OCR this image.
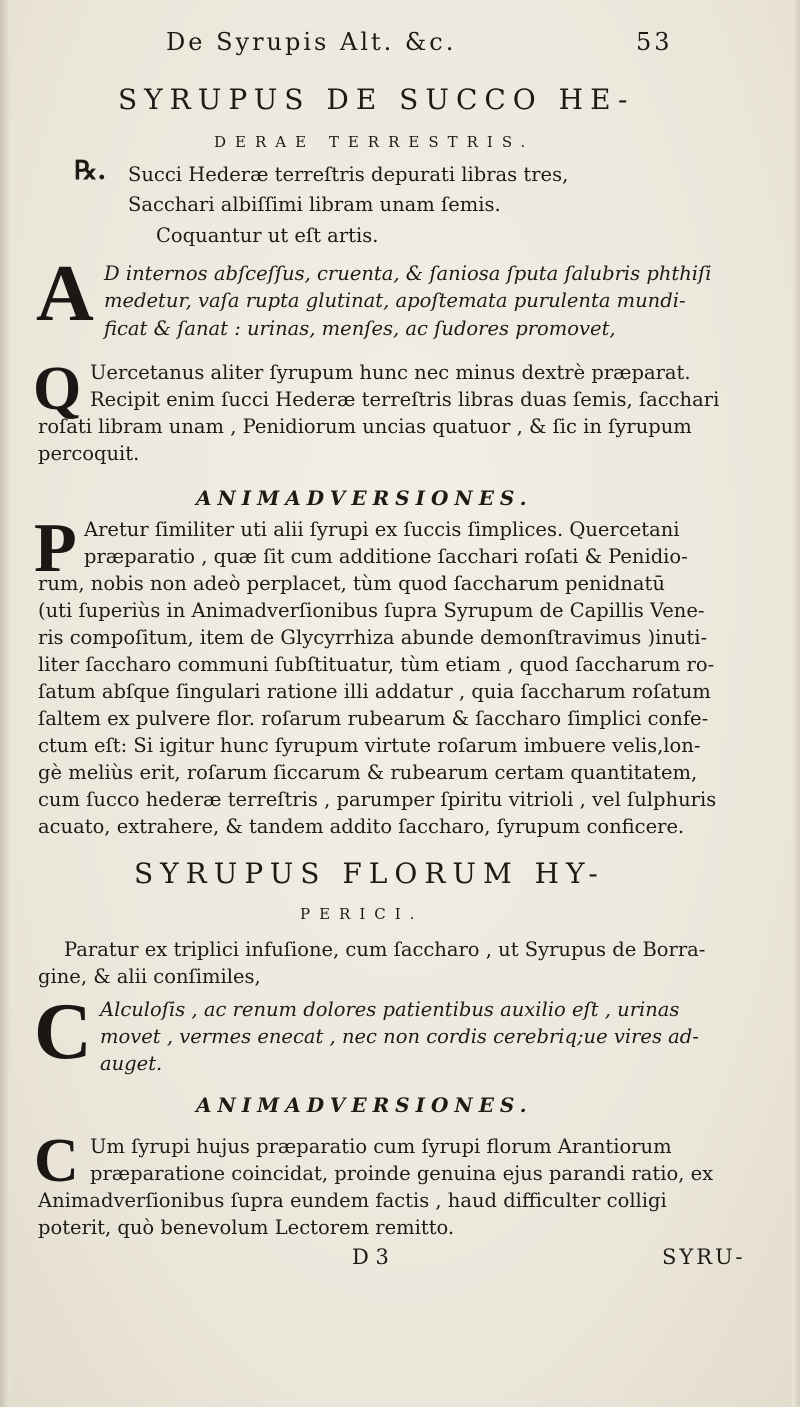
De Syrupis Alt. &c.	53
SYRUPUS DE SUCCO HE-
DERAE TERRESTRIS.
℞. Succi Hederæ terreſtris depurati libras tres,
Sacchari albiſſimi libram unam ſemis.
Coquantur ut eſt artis.
A D internos abſceſſus, cruenta, & ſaniosa ſputa ſalubris phthiſi
medetur, vaſa rupta glutinat, apoſtemata purulenta mundi-
ficat & ſanat : urinas, menſes, ac ſudores promovet,
Q Uercetanus aliter ſyrupum hunc nec minus dextrè præparat.
Recipit enim ſucci Hederæ terreſtris libras duas ſemis, ſacchari
roſati libram unam , Penidiorum uncias quatuor , & ſic in ſyrupum
percoquit.
ANIMADVERSIONES.
P Aretur ſimiliter uti alii ſyrupi ex ſuccis ſimplices. Quercetani
præparatio , quæ ſit cum additione ſacchari roſati & Penidio-
rum, nobis non adeò perplacet, tùm quod ſaccharum penidnatū
(uti ſuperiùs in Animadverſionibus ſupra Syrupum de Capillis Vene-
ris compoſitum, item de Glycyrrhiza abunde demonſtravimus )inuti-
liter ſaccharo communi ſubſtituatur, tùm etiam , quod ſaccharum ro-
ſatum abſque ſingulari ratione illi addatur , quia ſaccharum roſatum
ſaltem ex pulvere flor. roſarum rubearum & ſaccharo ſimplici confe-
ctum eſt: Si igitur hunc ſyrupum virtute roſarum imbuere velis,lon-
gè meliùs erit, roſarum ſiccarum & rubearum certam quantitatem,
cum ſucco hederæ terreſtris , parumper ſpiritu vitrioli , vel ſulphuris
acuato, extrahere, & tandem addito ſaccharo, ſyrupum conficere.
SYRUPUS FLORUM HY-
PERICI.
Paratur ex triplici infuſione, cum ſaccharo , ut Syrupus de Borra-
gine, & alii conſimiles,
C Alculoſis , ac renum dolores patientibus auxilio eſt , urinas
movet , vermes enecat , nec non cordis cerebriq;ue vires ad-
auget.
ANIMADVERSIONES.
C Um ſyrupi hujus præparatio cum ſyrupi florum Arantiorum
præparatione coincidat, proinde genuina ejus parandi ratio, ex
Animadverſionibus ſupra eundem factis , haud difficulter colligi
poterit, quò benevolum Lectorem remitto.
D 3	SYRU-
